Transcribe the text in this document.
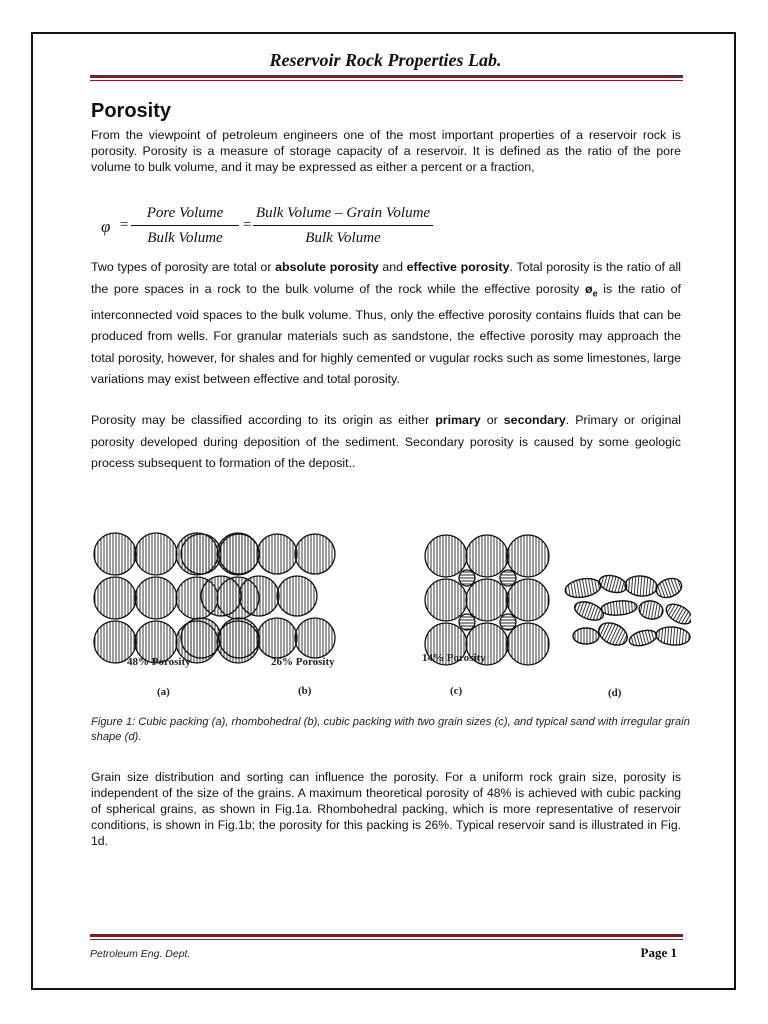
Reservoir Rock Properties Lab.
Porosity
From the viewpoint of petroleum engineers one of the most important properties of a reservoir rock is porosity. Porosity is a measure of storage capacity of a reservoir. It is defined as the ratio of the pore volume to bulk volume, and it may be expressed as either a percent or a fraction,
φ =
Pore Volume
Bulk Volume
=
Bulk Volume – Grain Volume
Bulk Volume
Two types of porosity are total or absolute porosity and effective porosity. Total porosity is the ratio of all the pore spaces in a rock to the bulk volume of the rock while the effective porosity $ø_e$ is the ratio of interconnected void spaces to the bulk volume. Thus, only the effective porosity contains fluids that can be produced from wells. For granular materials such as sandstone, the effective porosity may approach the total porosity, however, for shales and for highly cemented or vugular rocks such as some limestones, large variations may exist between effective and total porosity.
Porosity may be classified according to its origin as either primary or secondary. Primary or original porosity developed during deposition of the sediment. Secondary porosity is caused by some geologic process subsequent to formation of the deposit..
48% Porosity	26% Porosity	14% Porosity
(a)	(b)	(c)	(d)
Figure 1: Cubic packing (a), rhombohedral (b), cubic packing with two grain sizes (c), and typical sand with irregular grain shape (d).
Grain size distribution and sorting can influence the porosity. For a uniform rock grain size, porosity is independent of the size of the grains. A maximum theoretical porosity of 48% is achieved with cubic packing of spherical grains, as shown in Fig.1a. Rhombohedral packing, which is more representative of reservoir conditions, is shown in Fig.1b; the porosity for this packing is 26%. Typical reservoir sand is illustrated in Fig. 1d.
Petroleum Eng. Dept.	Page 1
